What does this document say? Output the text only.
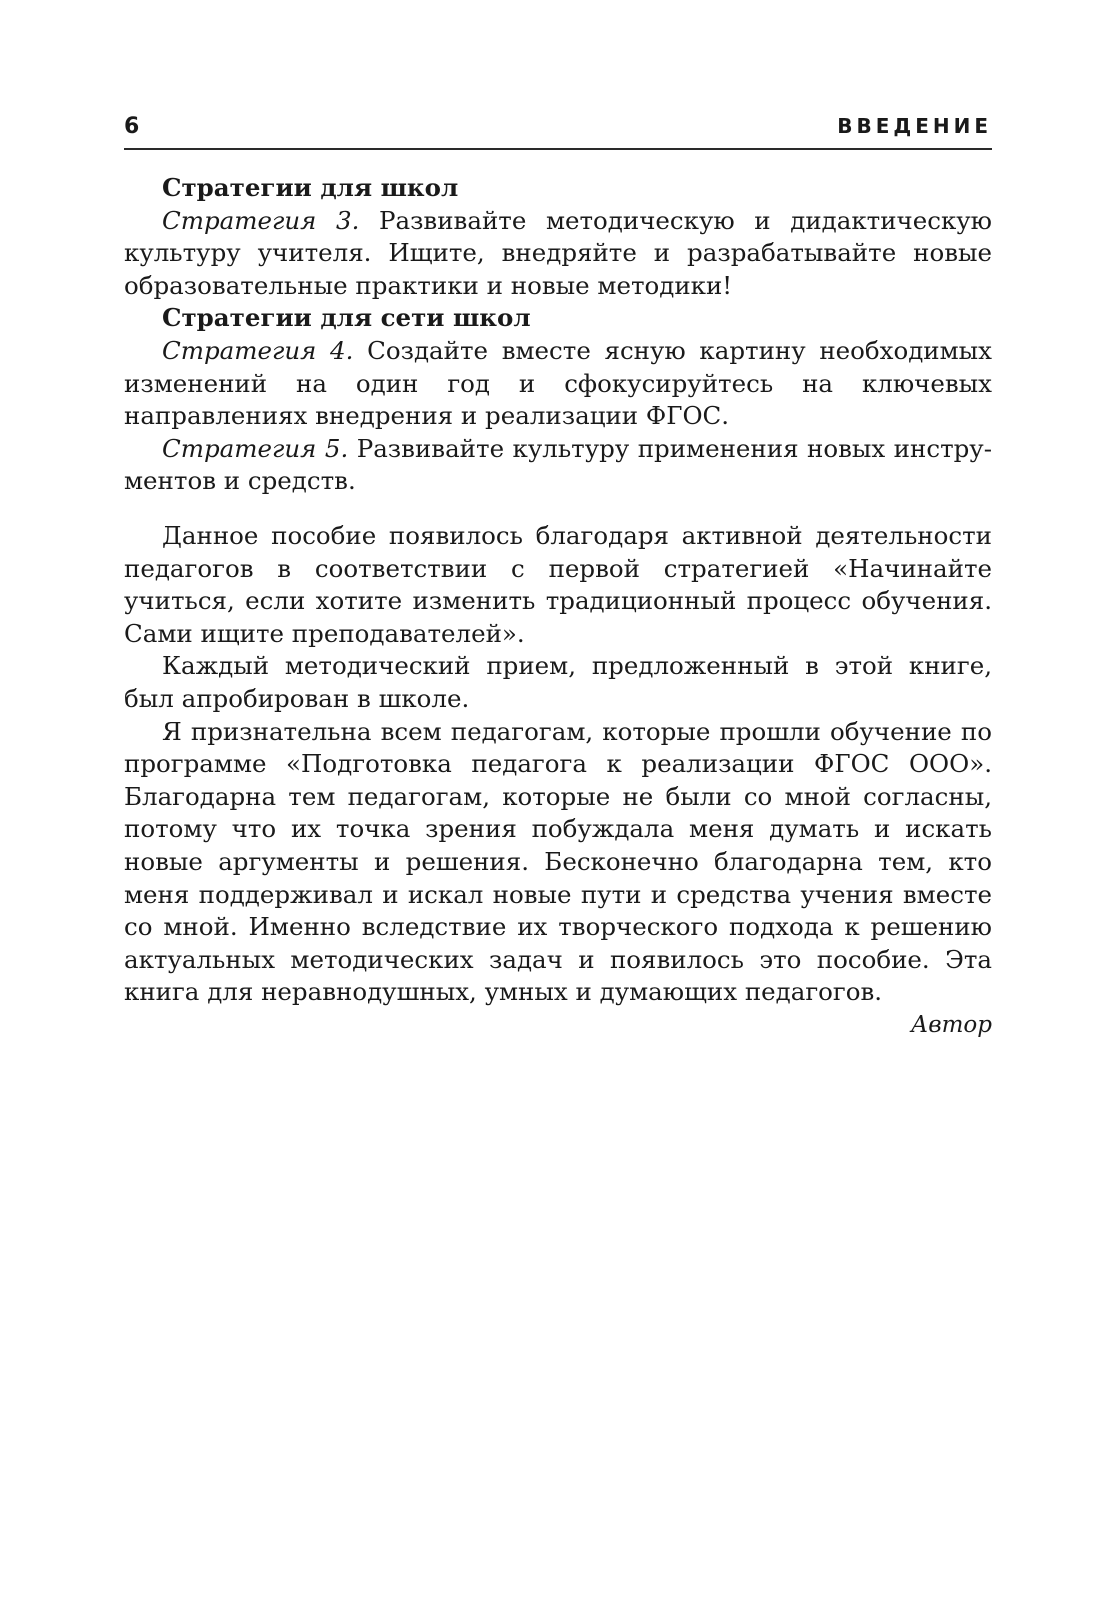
6	ВВЕДЕНИЕ

Стратегии для школ

Стратегия 3. Развивайте методическую и дидактическую культуру учителя. Ищите, внедряйте и разрабатывайте новые образовательные практики и новые методики!

Стратегии для сети школ

Стратегия 4. Создайте вместе ясную картину необходимых изменений на один год и сфокусируйтесь на ключевых направлениях внедрения и реализации ФГОС.

Стратегия 5. Развивайте культуру применения новых инструментов и средств.

Данное пособие появилось благодаря активной деятельности педагогов в соответствии с первой стратегией «Начинайте учиться, если хотите изменить традиционный процесс обучения. Сами ищите преподавателей».

Каждый методический прием, предложенный в этой книге, был апробирован в школе.

Я признательна всем педагогам, которые прошли обучение по программе «Подготовка педагога к реализации ФГОС ООО». Благодарна тем педагогам, которые не были со мной согласны, потому что их точка зрения побуждала меня думать и искать новые аргументы и решения. Бесконечно благодарна тем, кто меня поддерживал и искал новые пути и средства учения вместе со мной. Именно вследствие их творческого подхода к решению актуальных методических задач и появилось это пособие. Эта книга для неравнодушных, умных и думающих педагогов.

Автор
